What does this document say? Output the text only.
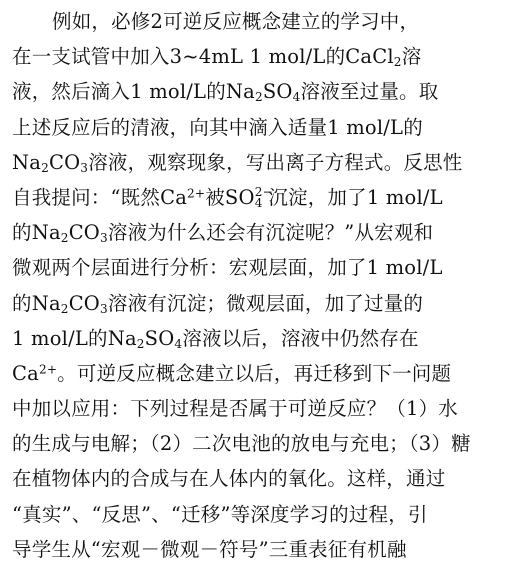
例如，必修2可逆反应概念建立的学习中，
在一支试管中加入3~4mL 1 mol/L的CaCl$_2$溶
液，然后滴入1 mol/L的$Na_2SO_4$溶液至过量。取
上述反应后的清液，向其中滴入适量1 mol/L的
$Na_2CO_3$溶液，观察现象，写出离子方程式。反思性
自我提问：“既然$Ca^{2+}$被SO 2−
4 沉淀，加了1 mol/L
的$Na_2CO_3$溶液为什么还会有沉淀呢？”从宏观和
微观两个层面进行分析：宏观层面，加了1 mol/L
的$Na_2CO_3$溶液有沉淀；微观层面，加了过量的
1 mol/L的$Na_2SO_4$溶液以后，溶液中仍然存在
$Ca^{2+}$。可逆反应概念建立以后，再迁移到下一问题
中加以应用：下列过程是否属于可逆反应？（1）水
的生成与电解；（2）二次电池的放电与充电；（3）糖
在植物体内的合成与在人体内的氧化。这样，通过
“真实”、“反思”、“迁移”等深度学习的过程，引
导学生从“宏观－微观－符号”三重表征有机融
